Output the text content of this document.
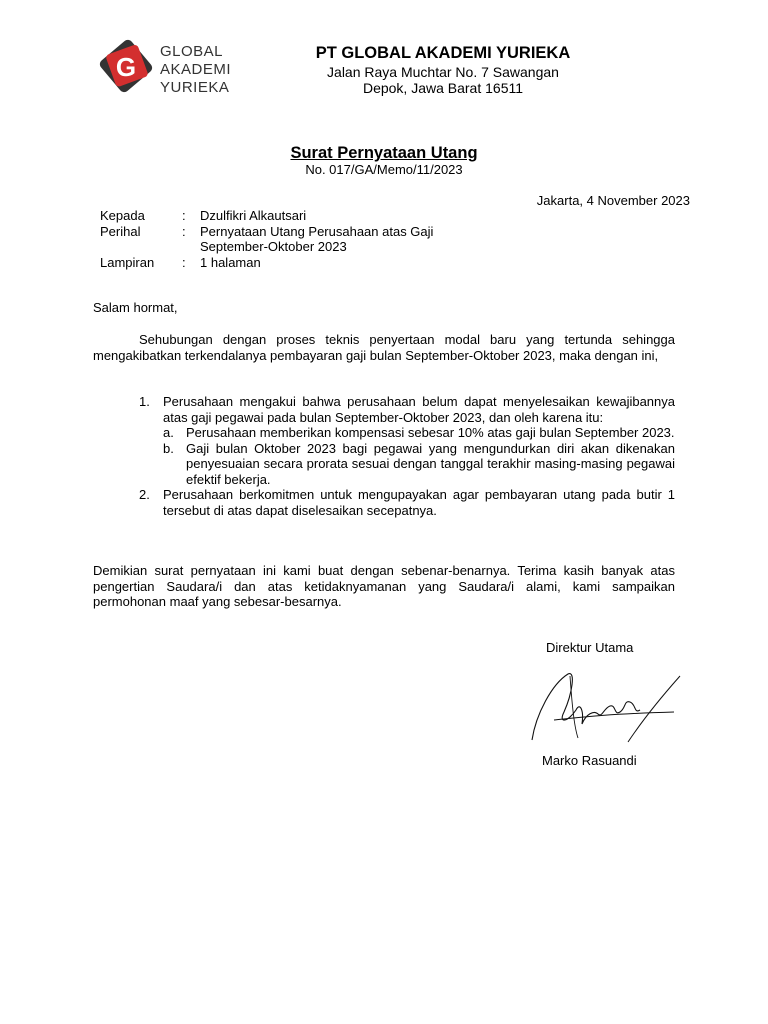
G
GLOBAL
AKADEMI
YURIEKA
PT GLOBAL AKADEMI YURIEKA
Jalan Raya Muchtar No. 7 Sawangan
Depok, Jawa Barat 16511
Surat Pernyataan Utang
No. 017/GA/Memo/11/2023
Jakarta, 4 November 2023
Kepada	:	Dzulfikri Alkautsari
Perihal	:	Pernyataan Utang Perusahaan atas Gaji September-Oktober 2023
Lampiran	:	1 halaman
Salam hormat,
Sehubungan dengan proses teknis penyertaan modal baru yang tertunda sehingga mengakibatkan terkendalanya pembayaran gaji bulan September-Oktober 2023, maka dengan ini,
1.	Perusahaan mengakui bahwa perusahaan belum dapat menyelesaikan kewajibannya atas gaji pegawai pada bulan September-Oktober 2023, dan oleh karena itu:
a. Perusahaan memberikan kompensasi sebesar 10% atas gaji bulan September 2023.
b. Gaji bulan Oktober 2023 bagi pegawai yang mengundurkan diri akan dikenakan penyesuaian secara prorata sesuai dengan tanggal terakhir masing-masing pegawai efektif bekerja.
2.	Perusahaan berkomitmen untuk mengupayakan agar pembayaran utang pada butir 1 tersebut di atas dapat diselesaikan secepatnya.
Demikian surat pernyataan ini kami buat dengan sebenar-benarnya. Terima kasih banyak atas pengertian Saudara/i dan atas ketidaknyamanan yang Saudara/i alami, kami sampaikan permohonan maaf yang sebesar-besarnya.
Direktur Utama
Marko Rasuandi
